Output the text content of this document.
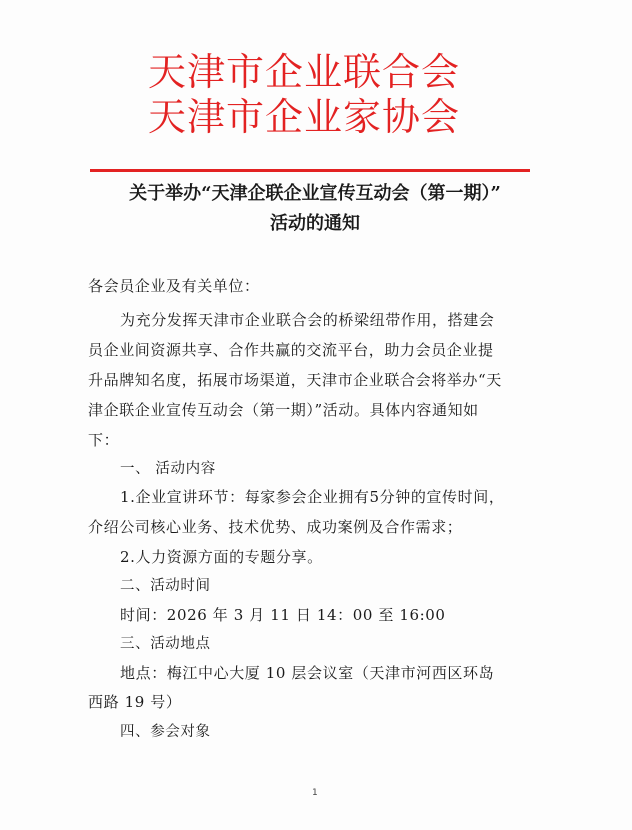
天津市企业联合会
天津市企业家协会
关于举办“天津企联企业宣传互动会（第一期）”
活动的通知
各会员企业及有关单位：
为充分发挥天津市企业联合会的桥梁纽带作用，搭建会
员企业间资源共享、合作共赢的交流平台，助力会员企业提
升品牌知名度，拓展市场渠道，天津市企业联合会将举办“天
津企联企业宣传互动会（第一期）”活动。具体内容通知如
下：
一、 活动内容
1.企业宣讲环节：每家参会企业拥有5分钟的宣传时间，
介绍公司核心业务、技术优势、成功案例及合作需求；
2.人力资源方面的专题分享。
二、活动时间
时间：2026 年 3 月 11 日 14：00 至 16:00
三、活动地点
地点：梅江中心大厦 10 层会议室（天津市河西区环岛
西路 19 号）
四、参会对象
1
